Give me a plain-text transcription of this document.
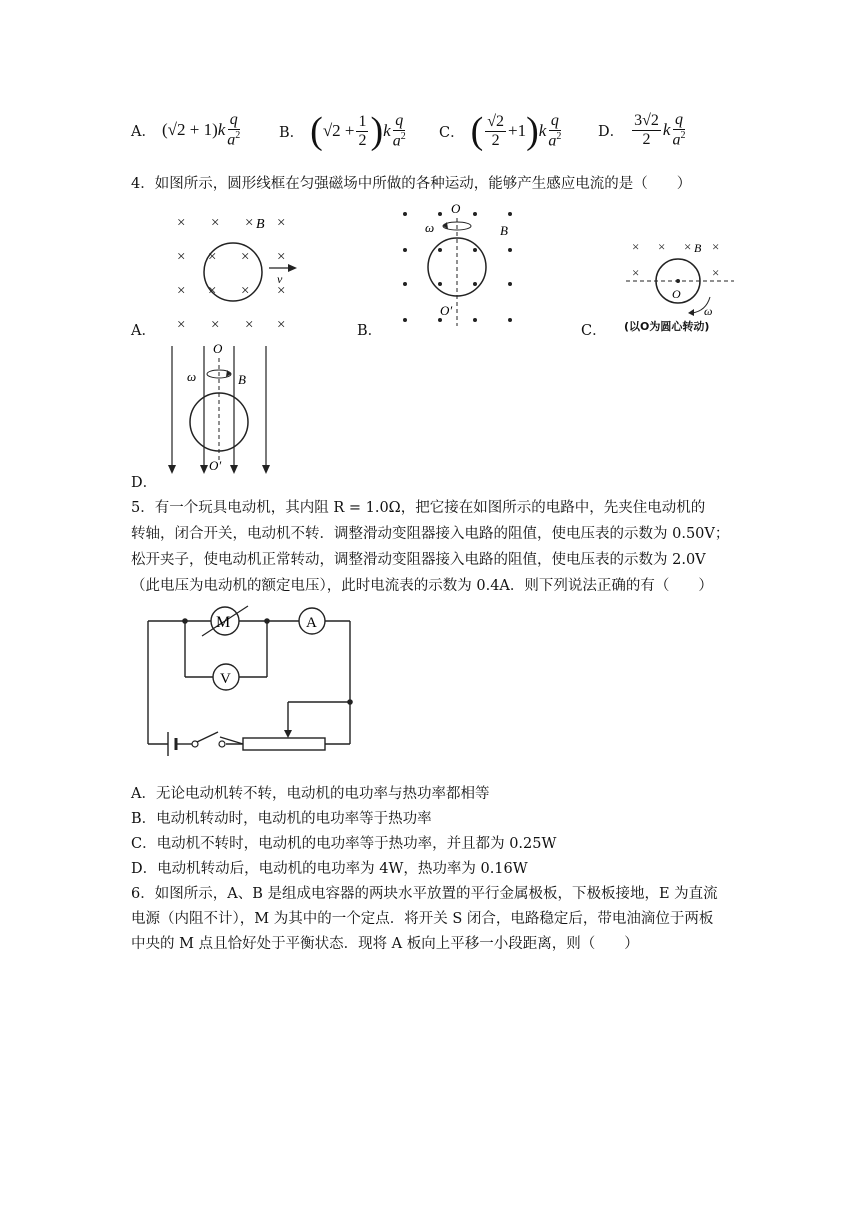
A． $(√2 + 1)k \frac{q}{a^2}$	B． ( $√2 + \frac{1}{2}$ ) k $\frac{q}{a^2}$ C． ( $\frac{√2}{2} +1$ ) k $\frac{q}{a^2}$	D． $\frac{3√2}{2}$ k $\frac{q}{a^2}$
4．如图所示，圆形线框在匀强磁场中所做的各种运动，能够产生感应电流的是（　　）
× × × ×
×	×
×	×
× × × ×
× ×
× ×
B
v
A．
O
B
ω
O′
B．
× × × ×
×	×
B
O
ω
C． (以O为圆心转动)
O
ω	B
O′
D．
5．有一个玩具电动机，其内阻 R = 1.0Ω，把它接在如图所示的电路中，先夹住电动机的
转轴，闭合开关，电动机不转．调整滑动变阻器接入电路的阻值，使电压表的示数为 0.50V；
松开夹子，使电动机正常转动，调整滑动变阻器接入电路的阻值，使电压表的示数为 2.0V
（此电压为电动机的额定电压），此时电流表的示数为 0.4A．则下列说法正确的有（　　）
M	A
V
A．无论电动机转不转，电动机的电功率与热功率都相等
B．电动机转动时，电动机的电功率等于热功率
C．电动机不转时，电动机的电功率等于热功率，并且都为 0.25W
D．电动机转动后，电动机的电功率为 4W，热功率为 0.16W
6．如图所示，A、B 是组成电容器的两块水平放置的平行金属极板，下极板接地，E 为直流
电源（内阻不计），M 为其中的一个定点．将开关 S 闭合，电路稳定后，带电油滴位于两板
中央的 M 点且恰好处于平衡状态．现将 A 板向上平移一小段距离，则（　　）
